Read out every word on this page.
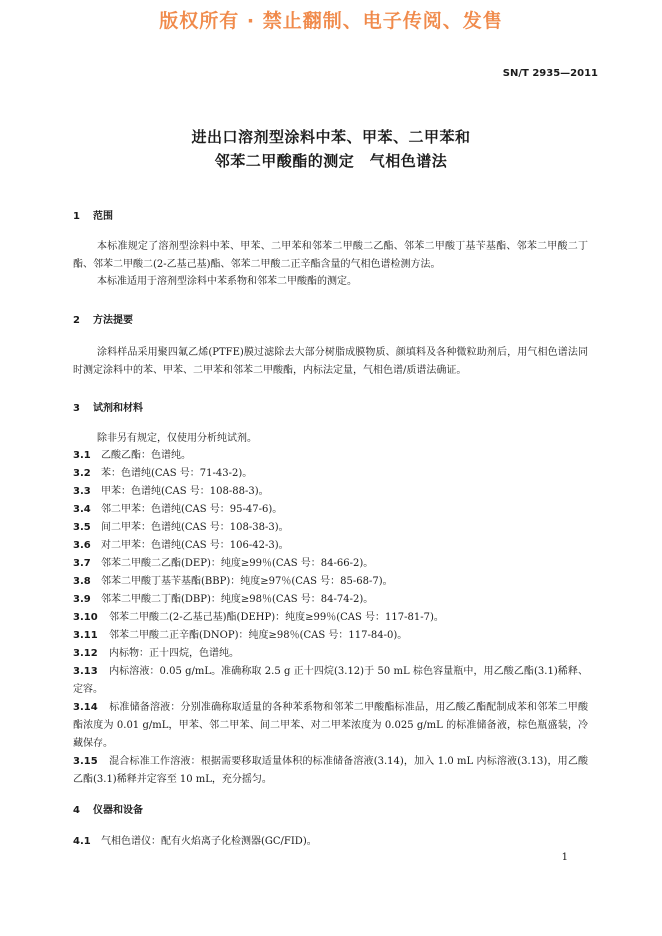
版权所有 · 禁止翻制、电子传阅、发售
SN/T 2935—2011
进出口溶剂型涂料中苯、甲苯、二甲苯和
邻苯二甲酸酯的测定　气相色谱法
1 范围
本标准规定了溶剂型涂料中苯、甲苯、二甲苯和邻苯二甲酸二乙酯、邻苯二甲酸丁基苄基酯、邻苯二甲酸二丁酯、邻苯二甲酸二(2-乙基己基)酯、邻苯二甲酸二正辛酯含量的气相色谱检测方法。
本标准适用于溶剂型涂料中苯系物和邻苯二甲酸酯的测定。
2 方法提要
涂料样品采用聚四氟乙烯(PTFE)膜过滤除去大部分树脂成膜物质、颜填料及各种微粒助剂后，用气相色谱法同时测定涂料中的苯、甲苯、二甲苯和邻苯二甲酸酯，内标法定量，气相色谱/质谱法确证。
3 试剂和材料
除非另有规定，仅使用分析纯试剂。
3.1 乙酸乙酯：色谱纯。
3.2 苯：色谱纯(CAS 号：71-43-2)。
3.3 甲苯：色谱纯(CAS 号：108-88-3)。
3.4 邻二甲苯：色谱纯(CAS 号：95-47-6)。
3.5 间二甲苯：色谱纯(CAS 号：108-38-3)。
3.6 对二甲苯：色谱纯(CAS 号：106-42-3)。
3.7 邻苯二甲酸二乙酯(DEP)：纯度≥99％(CAS 号：84-66-2)。
3.8 邻苯二甲酸丁基苄基酯(BBP)：纯度≥97％(CAS 号：85-68-7)。
3.9 邻苯二甲酸二丁酯(DBP)：纯度≥98％(CAS 号：84-74-2)。
3.10 邻苯二甲酸二(2-乙基己基)酯(DEHP)：纯度≥99％(CAS 号：117-81-7)。
3.11 邻苯二甲酸二正辛酯(DNOP)：纯度≥98％(CAS 号：117-84-0)。
3.12 内标物：正十四烷，色谱纯。
3.13 内标溶液：0.05 g/mL。准确称取 2.5 g 正十四烷(3.12)于 50 mL 棕色容量瓶中，用乙酸乙酯(3.1)稀释、定容。
3.14 标准储备溶液：分别准确称取适量的各种苯系物和邻苯二甲酸酯标准品，用乙酸乙酯配制成苯和邻苯二甲酸酯浓度为 0.01 g/mL，甲苯、邻二甲苯、间二甲苯、对二甲苯浓度为 0.025 g/mL 的标准储备液，棕色瓶盛装，冷藏保存。
3.15 混合标准工作溶液：根据需要移取适量体积的标准储备溶液(3.14)，加入 1.0 mL 内标溶液(3.13)，用乙酸乙酯(3.1)稀释并定容至 10 mL，充分摇匀。
4 仪器和设备
4.1 气相色谱仪：配有火焰离子化检测器(GC/FID)。
1
